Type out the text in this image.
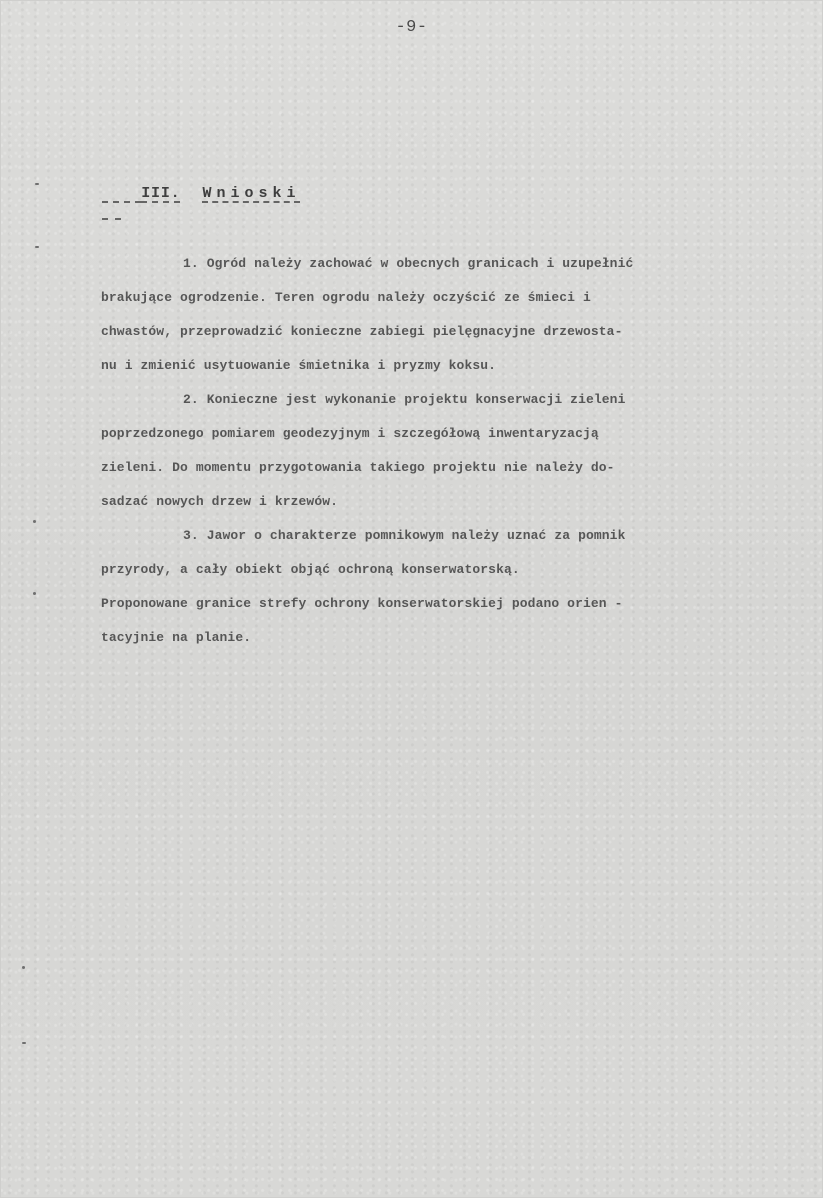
-9-

III. Wnioski

1. Ogród należy zachować w obecnych granicach i uzupełnić
brakujące ogrodzenie. Teren ogrodu należy oczyścić ze śmieci i
chwastów, przeprowadzić konieczne zabiegi pielęgnacyjne drzewosta-
nu i zmienić usytuowanie śmietnika i pryzmy koksu.
2. Konieczne jest wykonanie projektu konserwacji zieleni
poprzedzonego pomiarem geodezyjnym i szczegółową inwentaryzacją
zieleni. Do momentu przygotowania takiego projektu nie należy do-
sadzać nowych drzew i krzewów.
3. Jawor o charakterze pomnikowym należy uznać za pomnik
przyrody, a cały obiekt objąć ochroną konserwatorską.
Proponowane granice strefy ochrony konserwatorskiej podano orien -
tacyjnie na planie.
